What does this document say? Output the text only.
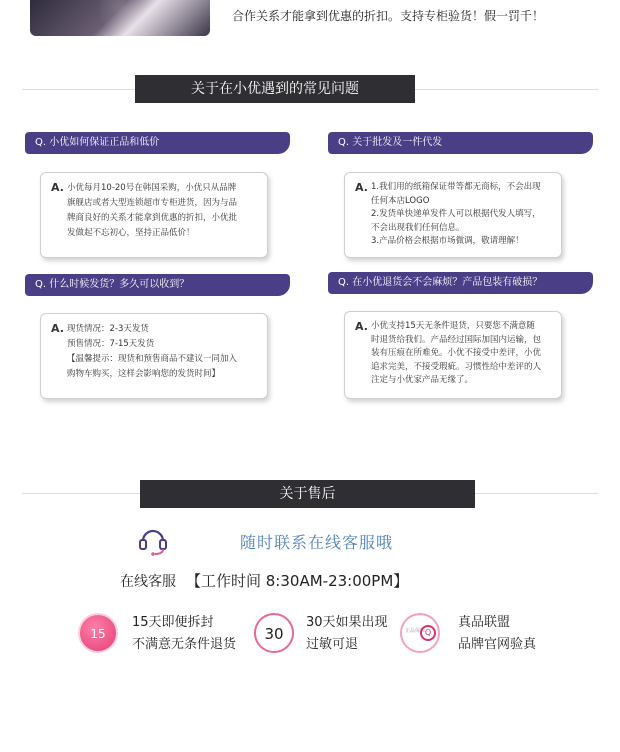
合作关系才能拿到优惠的折扣。支持专柜验货！假一罚千！
关于在小优遇到的常见问题
Q. 小优如何保证正品和低价
A. 小优每月10-20号在韩国采购，小优只从品牌
旗舰店或者大型连锁超市专柜进货，因为与品
牌商良好的关系才能拿到优惠的折扣，小优批
发做起不忘初心，坚持正品低价！
Q. 关于批发及一件代发
A. 1.我们用的纸箱保证带等都无商标，不会出现
任何本店LOGO
2.发货单快递单发件人可以根据代发人填写，
不会出现我们任何信息。
3.产品价格会根据市场微调，敬请理解！
Q. 什么时候发货？多久可以收到？
A. 现货情况：2-3天发货
预售情况：7-15天发货
【温馨提示：现货和预售商品不建议一同加入
购物车购买，这样会影响您的发货时间】
Q. 在小优退货会不会麻烦？产品包装有破损？
A. 小优支持15天无条件退货，只要您不满意随
时退货给我们。产品经过国际加国内运输，包
装有压痕在所难免。小优不接受中差评，小优
追求完美，不接受瑕疵。习惯性给中差评的人
注定与小优家产品无缘了。
关于售后
随时联系在线客服哦
在线客服 【工作时间 8:30AM-23:00PM】
15
15天即便拆封
不满意无条件退货
30
30天如果出现
过敏可退
正品保障 Q
真品联盟
品牌官网验真
